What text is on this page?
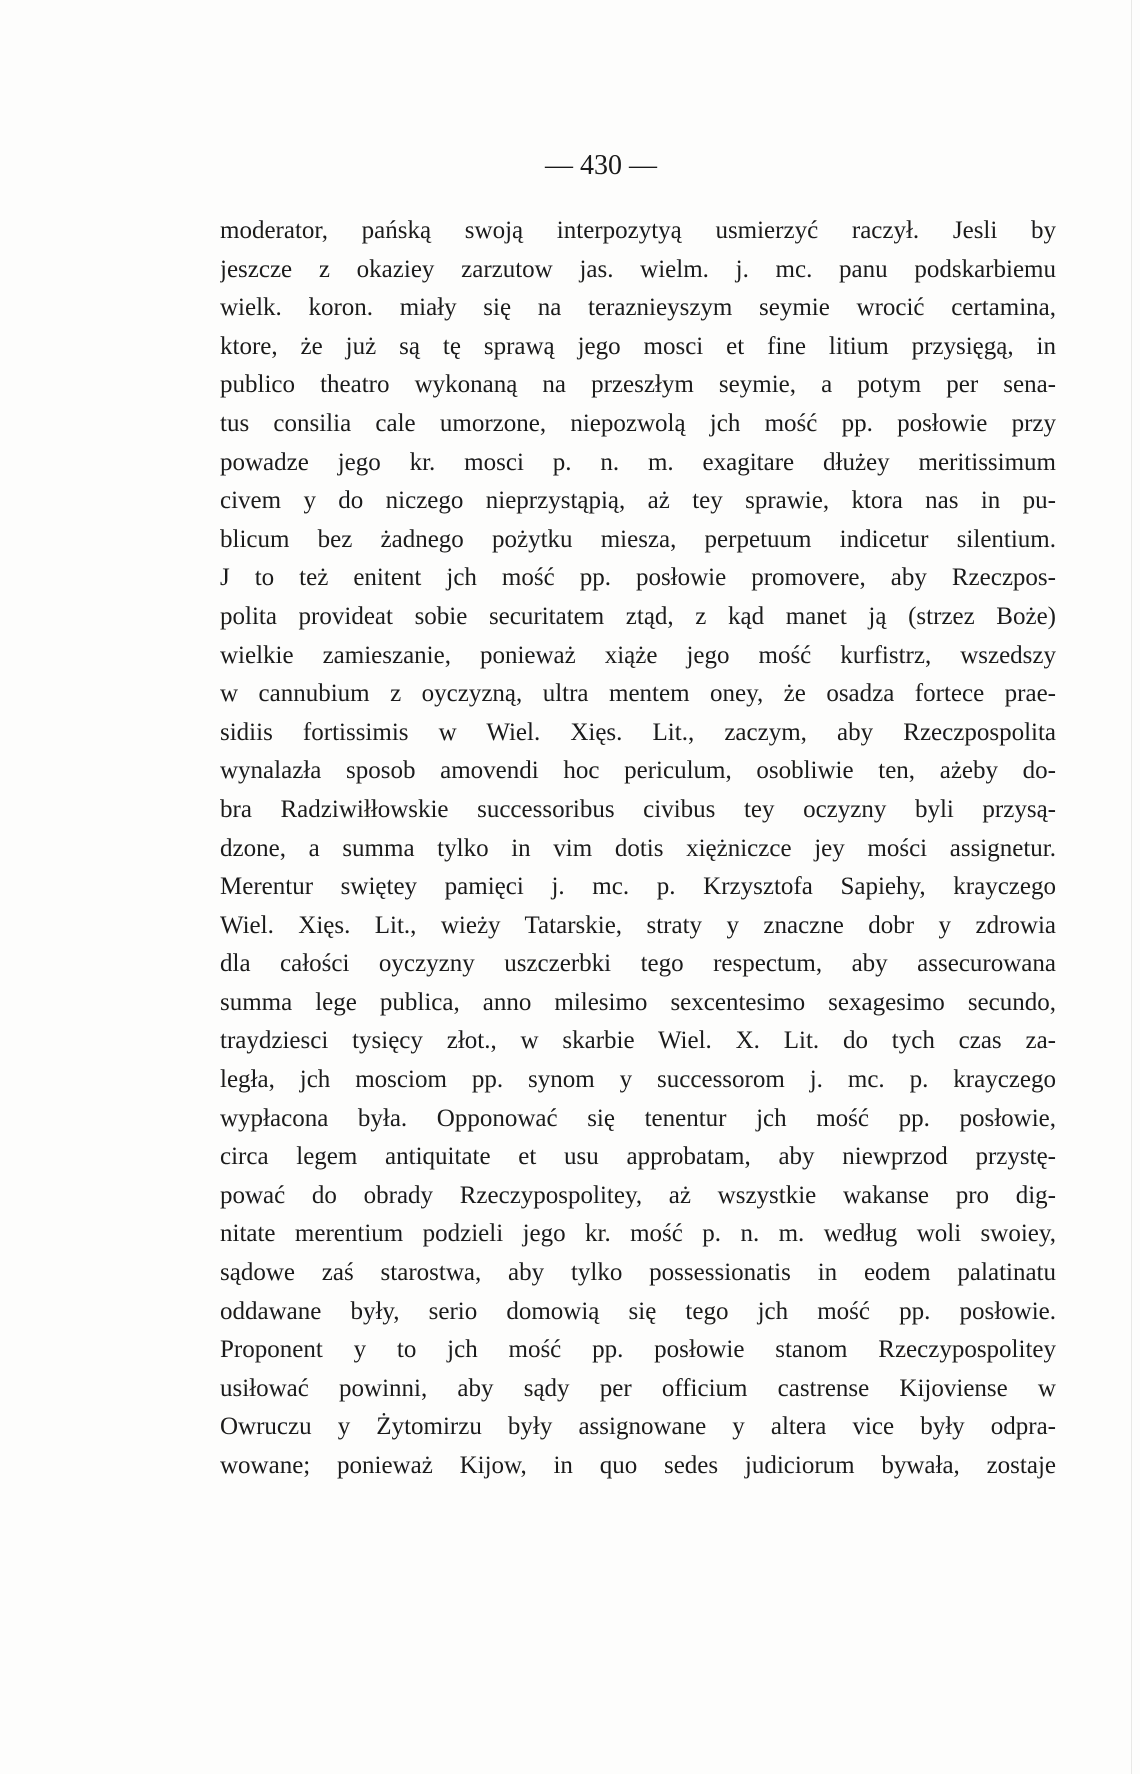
— 430 —
moderator, pańską swoją interpozytyą usmierzyć raczył. Jesli by
jeszcze z okaziey zarzutow jas. wielm. j. mc. panu podskarbiemu
wielk. koron. miały się na teraznieyszym seymie wrocić certamina,
ktore, że już są tę sprawą jego mosci et fine litium przysięgą, in
publico theatro wykonaną na przeszłym seymie, a potym per sena-
tus consilia cale umorzone, niepozwolą jch mość pp. posłowie przy
powadze jego kr. mosci p. n. m. exagitare dłużey meritissimum
civem y do niczego nieprzystąpią, aż tey sprawie, ktora nas in pu-
blicum bez żadnego pożytku miesza, perpetuum indicetur silentium.
J to też enitent jch mość pp. posłowie promovere, aby Rzeczpos-
polita provideat sobie securitatem ztąd, z kąd manet ją (strzez Boże)
wielkie zamieszanie, ponieważ xiąże jego mość kurfistrz, wszedszy
w cannubium z oyczyzną, ultra mentem oney, że osadza fortece prae-
sidiis fortissimis w Wiel. Xięs. Lit., zaczym, aby Rzeczpospolita
wynalazła sposob amovendi hoc periculum, osobliwie ten, ażeby do-
bra Radziwiłłowskie successoribus civibus tey oczyzny byli przysą-
dzone, a summa tylko in vim dotis xiężniczce jey mości assignetur.
Merentur swiętey pamięci j. mc. p. Krzysztofa Sapiehy, krayczego
Wiel. Xięs. Lit., wieży Tatarskie, straty y znaczne dobr y zdrowia
dla całości oyczyzny uszczerbki tego respectum, aby assecurowana
summa lege publica, anno milesimo sexcentesimo sexagesimo secundo,
traydziesci tysięcy złot., w skarbie Wiel. X. Lit. do tych czas za-
legła, jch mosciom pp. synom y successorom j. mc. p. krayczego
wypłacona była. Opponować się tenentur jch mość pp. posłowie,
circa legem antiquitate et usu approbatam, aby niewprzod przystę-
pować do obrady Rzeczypospolitey, aż wszystkie wakanse pro dig-
nitate merentium podzieli jego kr. mość p. n. m. według woli swoiey,
sądowe zaś starostwa, aby tylko possessionatis in eodem palatinatu
oddawane były, serio domowią się tego jch mość pp. posłowie.
Proponent y to jch mość pp. posłowie stanom Rzeczypospolitey
usiłować powinni, aby sądy per officium castrense Kijoviense w
Owruczu y Żytomirzu były assignowane y altera vice były odpra-
wowane; ponieważ Kijow, in quo sedes judiciorum bywała, zostaje
